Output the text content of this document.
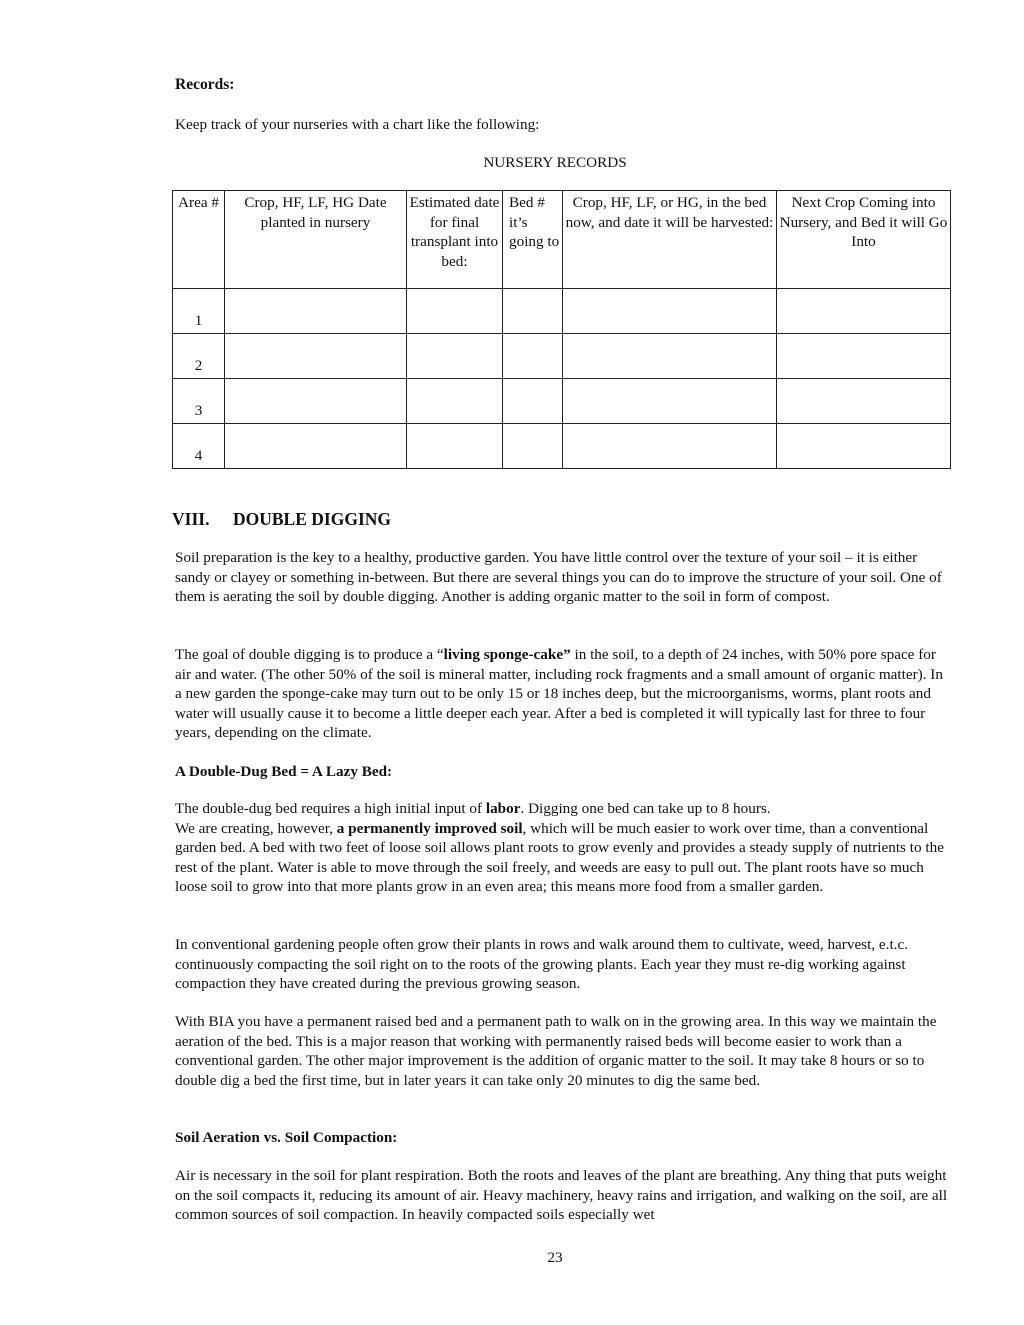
Records:
Keep track of your nurseries with a chart like the following:
NURSERY RECORDS
Area #	Crop, HF, LF, HG Date planted in nursery	Estimated date for final transplant into bed:	Bed # it’s going to	Crop, HF, LF, or HG, in the bed now, and date it will be harvested:	Next Crop Coming into Nursery, and Bed it will Go Into
1					
2					
3					
4					
VIII. DOUBLE DIGGING

Soil preparation is the key to a healthy, productive garden. You have little control over the texture of your soil – it is either sandy or clayey or something in-between. But there are several things you can do to improve the structure of your soil. One of them is aerating the soil by double digging. Another is adding organic matter to the soil in form of compost.

The goal of double digging is to produce a “living sponge-cake” in the soil, to a depth of 24 inches, with 50% pore space for air and water. (The other 50% of the soil is mineral matter, including rock fragments and a small amount of organic matter). In a new garden the sponge-cake may turn out to be only 15 or 18 inches deep, but the microorganisms, worms, plant roots and water will usually cause it to become a little deeper each year. After a bed is completed it will typically last for three to four years, depending on the climate.

A Double-Dug Bed = A Lazy Bed:

The double-dug bed requires a high initial input of labor. Digging one bed can take up to 8 hours.
We are creating, however, a permanently improved soil, which will be much easier to work over time, than a conventional garden bed. A bed with two feet of loose soil allows plant roots to grow evenly and provides a steady supply of nutrients to the rest of the plant. Water is able to move through the soil freely, and weeds are easy to pull out. The plant roots have so much loose soil to grow into that more plants grow in an even area; this means more food from a smaller garden.

In conventional gardening people often grow their plants in rows and walk around them to cultivate, weed, harvest, e.t.c. continuously compacting the soil right on to the roots of the growing plants. Each year they must re-dig working against compaction they have created during the previous growing season.

With BIA you have a permanent raised bed and a permanent path to walk on in the growing area. In this way we maintain the aeration of the bed. This is a major reason that working with permanently raised beds will become easier to work than a conventional garden. The other major improvement is the addition of organic matter to the soil. It may take 8 hours or so to double dig a bed the first time, but in later years it can take only 20 minutes to dig the same bed.

Soil Aeration vs. Soil Compaction:

Air is necessary in the soil for plant respiration. Both the roots and leaves of the plant are breathing. Any thing that puts weight on the soil compacts it, reducing its amount of air. Heavy machinery, heavy rains and irrigation, and walking on the soil, are all common sources of soil compaction. In heavily compacted soils especially wet

23
